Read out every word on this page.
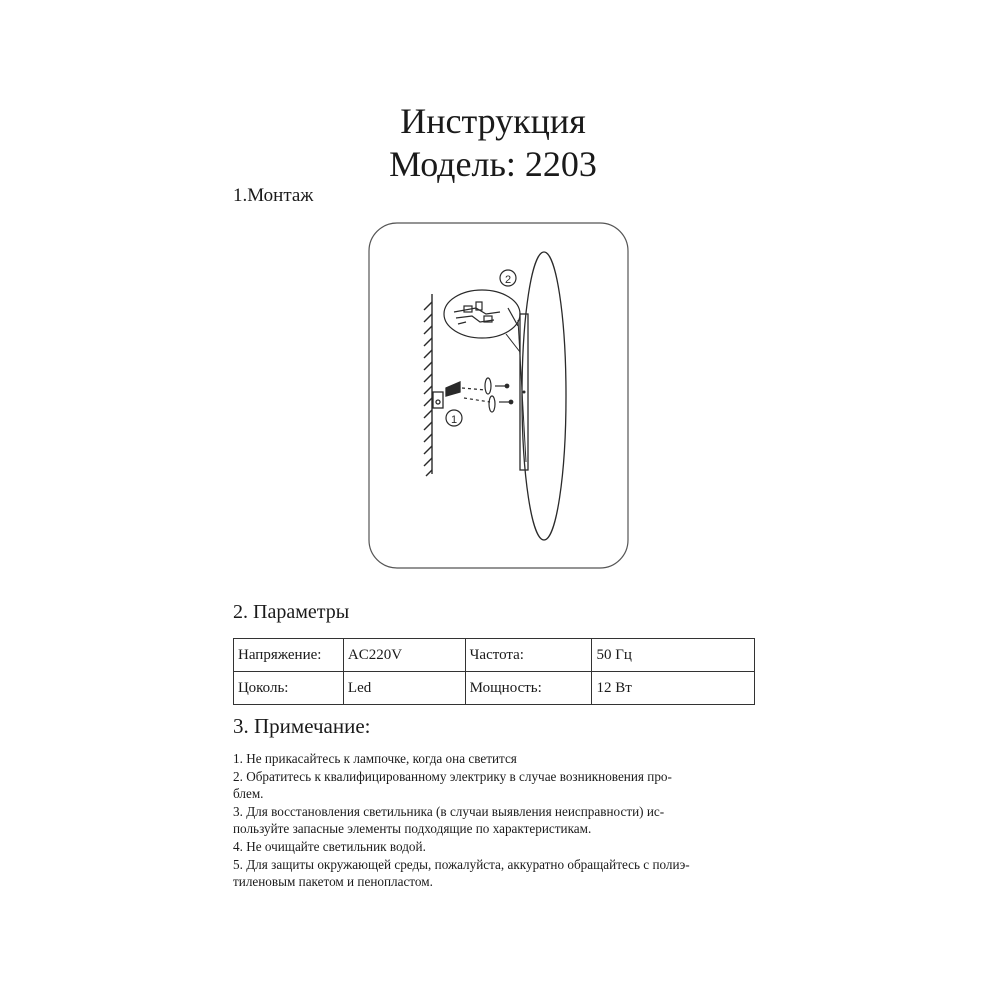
Инструкция
Модель: 2203
1.Монтаж
1
2
2. Параметры
Напряжение:	AC220V	Частота:	50 Гц
Цоколь:	Led	Мощность:	12 Вт
3. Примечание:
1. Не прикасайтесь к лампочке, когда она светится
2. Обратитесь к квалифицированному электрику в случае возникновения про-
блем.
3. Для восстановления светильника (в случаи выявления неисправности) ис-
пользуйте запасные элементы подходящие по характеристикам.
4. Не очищайте светильник водой.
5. Для защиты окружающей среды, пожалуйста, аккуратно обращайтесь с полиэ-
тиленовым пакетом и пенопластом.
